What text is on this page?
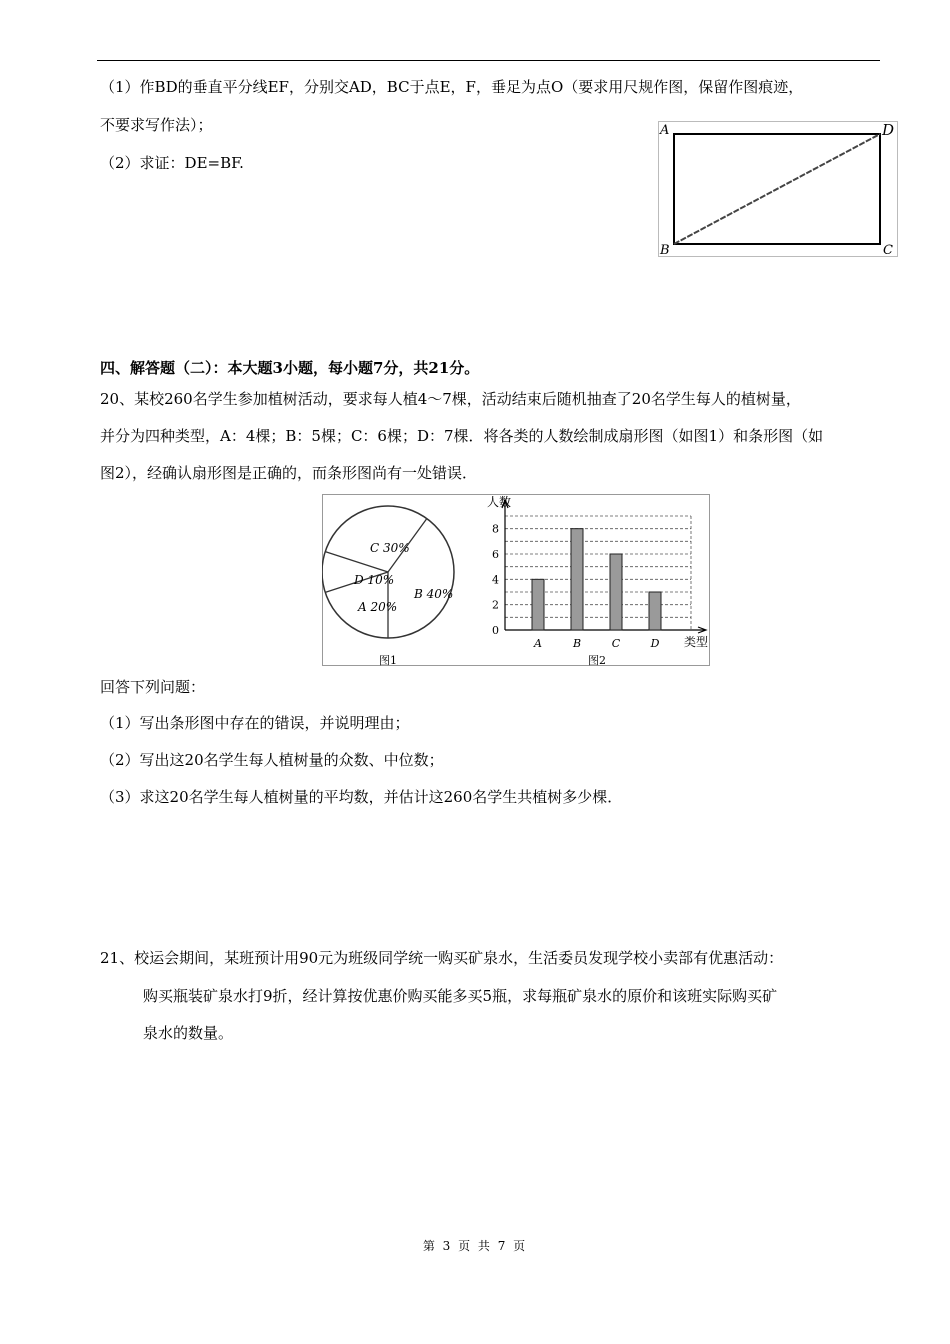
（1）作BD的垂直平分线EF，分别交AD，BC于点E，F，垂足为点O（要求用尺规作图，保留作图痕迹，
不要求写作法）；
（2）求证：DE=BF.
A	D
B	C
四、解答题（二）：本大题3小题，每小题7分，共21分。
20、某校260名学生参加植树活动，要求每人植4～7棵，活动结束后随机抽查了20名学生每人的植树量，
并分为四种类型，A：4棵；B：5棵；C：6棵；D：7棵．将各类的人数绘制成扇形图（如图1）和条形图（如
图2），经确认扇形图是正确的，而条形图尚有一处错误．
A 20%
B 40%
C 30%
D 10%
图1
0
2
4
6
8
A	B	C	D
人数
类型
图2
回答下列问题：
（1）写出条形图中存在的错误，并说明理由；
（2）写出这20名学生每人植树量的众数、中位数；
（3）求这20名学生每人植树量的平均数，并估计这260名学生共植树多少棵．
21、校运会期间，某班预计用90元为班级同学统一购买矿泉水，生活委员发现学校小卖部有优惠活动：
购买瓶装矿泉水打9折，经计算按优惠价购买能多买5瓶，求每瓶矿泉水的原价和该班实际购买矿
泉水的数量。
第 3 页 共 7 页
